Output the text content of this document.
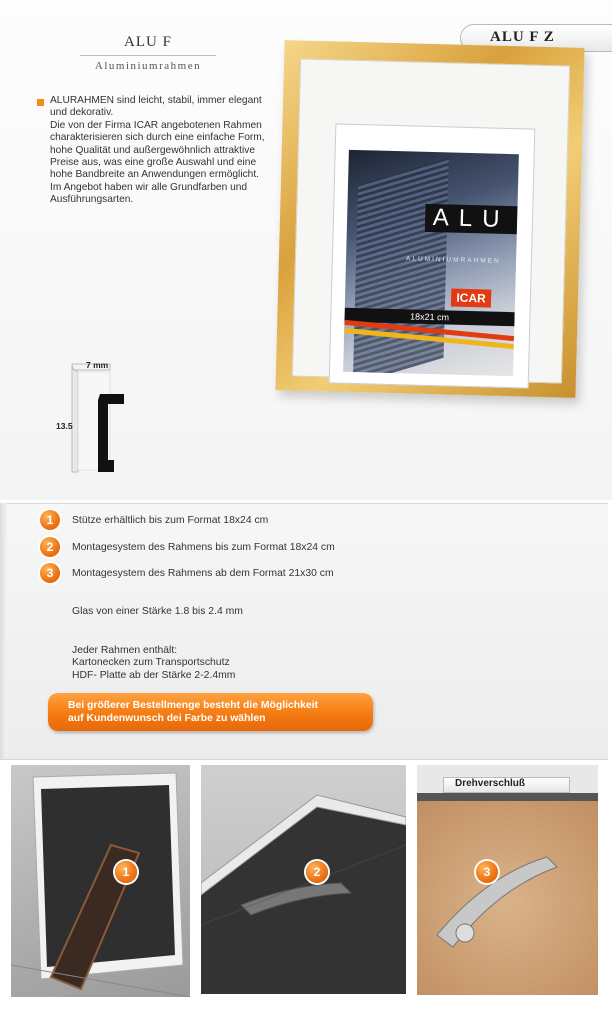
ALU F
Aluminiumrahmen
ALU F Z

ALURAHMEN sind leicht, stabil, immer elegant

und dekorativ.

Die von der Firma ICAR angebotenen Rahmen

charakterisieren sich durch eine einfache Form,

hohe Qualität und außergewöhnlich attraktive

Preise aus, was eine große Auswahl und eine

hohe Bandbreite an Anwendungen ermöglicht.

Im Angebot haben wir alle Grundfarben und

Ausführungsarten.

ALU
ALUMINIUMRAHMEN
ICAR
18x21 cm
7 mm
13.5
1	Stütze erhältlich bis zum Format 18x24 cm
2	Montagesystem des Rahmens bis zum Format 18x24 cm
3	Montagesystem des Rahmens ab dem Format 21x30 cm
Glas von einer Stärke 1.8 bis 2.4 mm
Jeder Rahmen enthält:
Kartonecken zum Transportschutz
HDF- Platte ab der Stärke 2-2.4mm
Bei größerer Bestellmenge besteht die Möglichkeit
auf Kundenwunsch dei Farbe zu wählen
1	2	3
Drehverschluß
